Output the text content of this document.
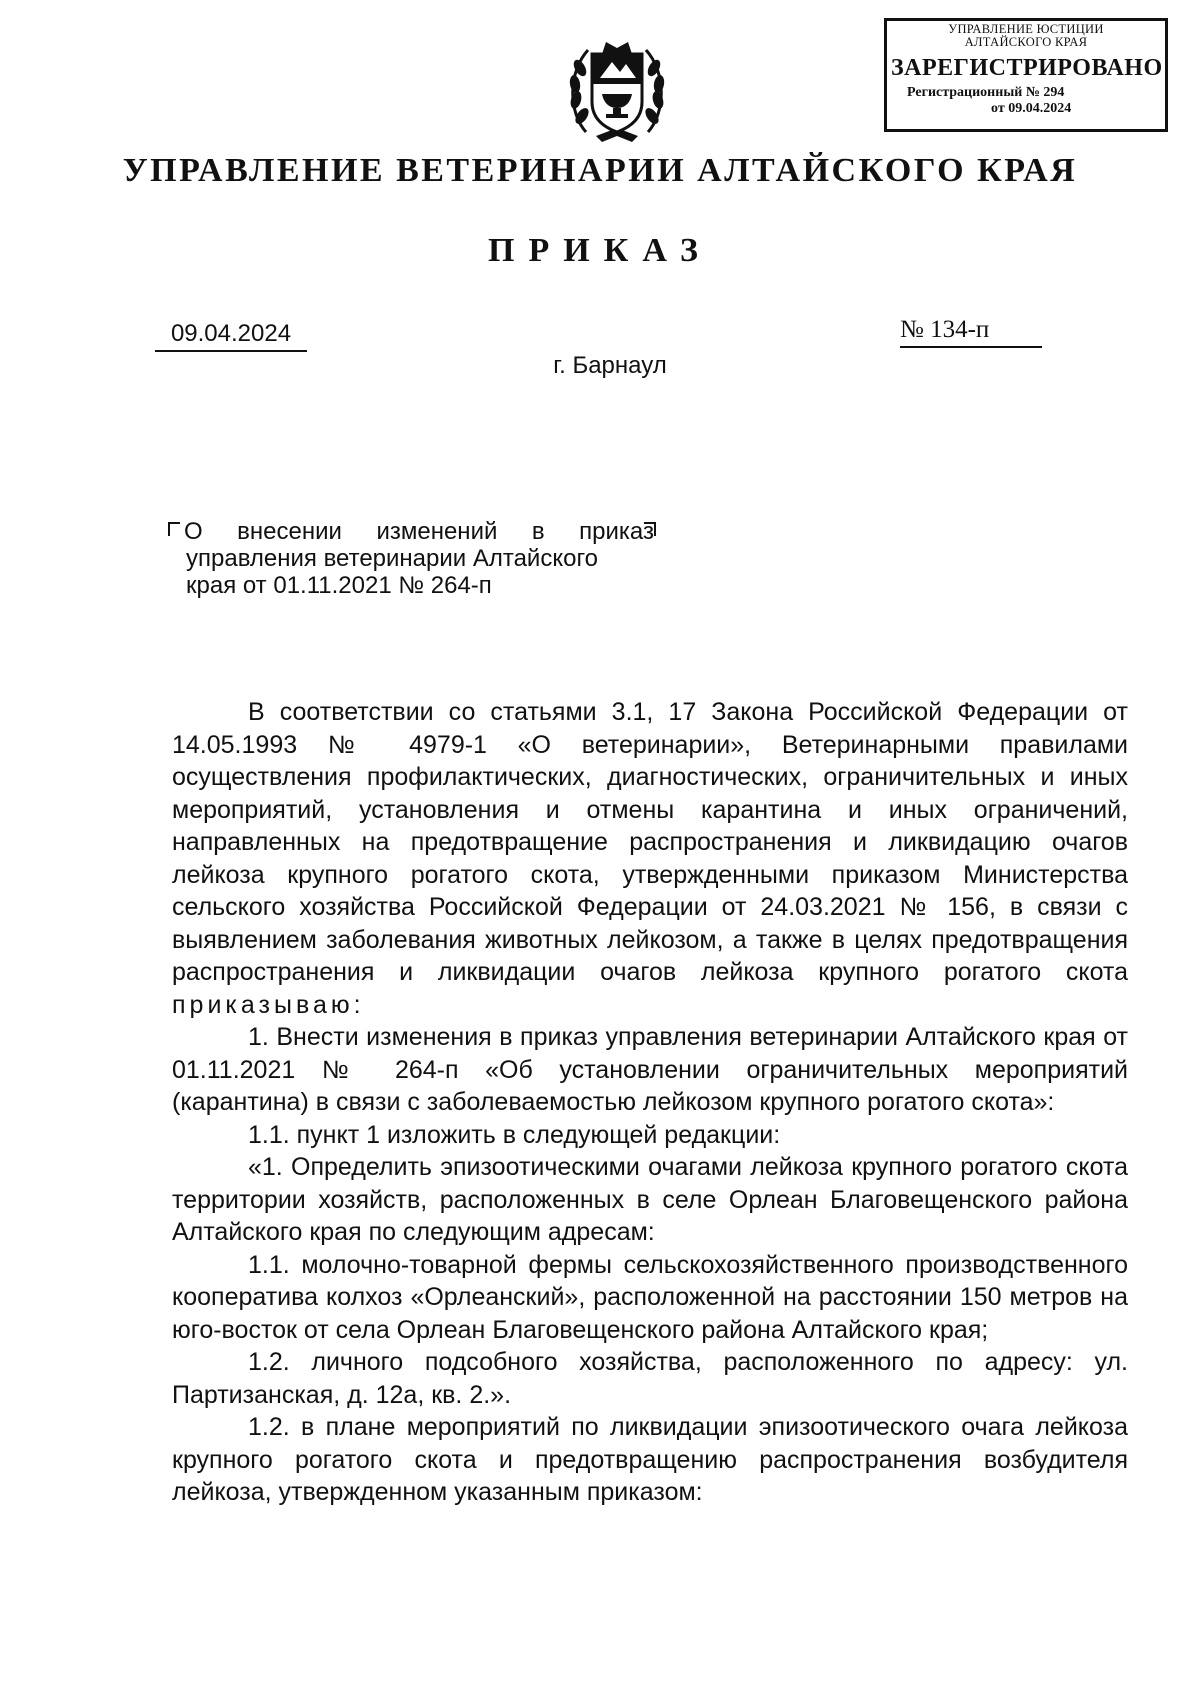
УПРАВЛЕНИЕ ЮСТИЦИИ
АЛТАЙСКОГО КРАЯ
ЗАРЕГИСТРИРОВАНО
Регистрационный № 294
от 09.04.2024
УПРАВЛЕНИЕ ВЕТЕРИНАРИИ АЛТАЙСКОГО КРАЯ
ПРИКАЗ
09.04.2024	№ 134-п
г. Барнаул
О внесении изменений в приказ
управления ветеринарии Алтайского
края от 01.11.2021 № 264-п

В соответствии со статьями 3.1, 17 Закона Российской Федерации от 14.05.1993 № 4979-1 «О ветеринарии», Ветеринарными правилами осуществления профилактических, диагностических, ограничительных и иных мероприятий, установления и отмены карантина и иных ограничений, направленных на предотвращение распространения и ликвидацию очагов лейкоза крупного рогатого скота, утвержденными приказом Министерства сельского хозяйства Российской Федерации от 24.03.2021 № 156, в связи с выявлением заболевания животных лейкозом, а также в целях предотвращения распространения и ликвидации очагов лейкоза крупного рогатого скота приказываю:

1. Внести изменения в приказ управления ветеринарии Алтайского края от 01.11.2021 № 264-п «Об установлении ограничительных мероприятий (карантина) в связи с заболеваемостью лейкозом крупного рогатого скота»:

1.1. пункт 1 изложить в следующей редакции:

«1. Определить эпизоотическими очагами лейкоза крупного рогатого скота территории хозяйств, расположенных в селе Орлеан Благовещенского района Алтайского края по следующим адресам:

1.1. молочно-товарной фермы сельскохозяйственного производственного кооператива колхоз «Орлеанский», расположенной на расстоянии 150 метров на юго-восток от села Орлеан Благовещенского района Алтайского края;

1.2. личного подсобного хозяйства, расположенного по адресу: ул. Партизанская, д. 12а, кв. 2.».

1.2. в плане мероприятий по ликвидации эпизоотического очага лейкоза крупного рогатого скота и предотвращению распространения возбудителя лейкоза, утвержденном указанным приказом:
